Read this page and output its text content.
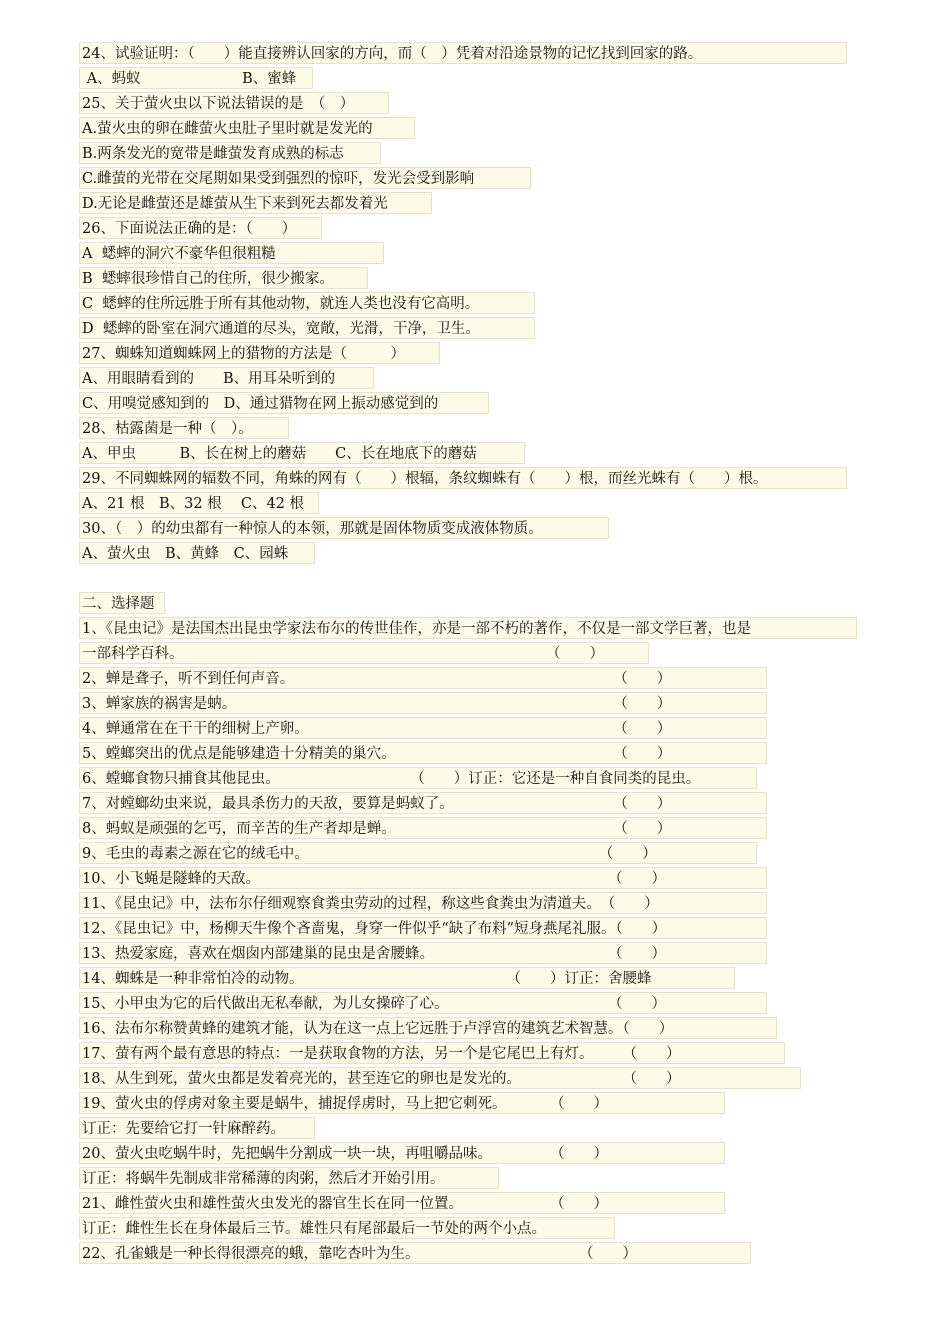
24、试验证明：（　　）能直接辨认回家的方向，而（　）凭着对沿途景物的记忆找到回家的路。
A、蚂蚁　　　　　　　B、蜜蜂
25、关于萤火虫以下说法错误的是　（　）
A.萤火虫的卵在雌萤火虫肚子里时就是发光的
B.两条发光的宽带是雌萤发育成熟的标志
C.雌萤的光带在交尾期如果受到强烈的惊吓，发光会受到影响
D.无论是雌萤还是雄萤从生下来到死去都发着光
26、下面说法正确的是：（　　）
A  蟋蟀的洞穴不豪华但很粗糙
B  蟋蟀很珍惜自己的住所，很少搬家。
C  蟋蟀的住所远胜于所有其他动物，就连人类也没有它高明。
D  蟋蟀的卧室在洞穴通道的尽头，宽敞，光滑，干净，卫生。
27、蜘蛛知道蜘蛛网上的猎物的方法是（　　　）
A、用眼睛看到的　　B、用耳朵听到的
C、用嗅觉感知到的　D、通过猎物在网上振动感觉到的
28、枯露菌是一种（　）。
A、甲虫　　　B、长在树上的蘑菇　　C、长在地底下的蘑菇
29、不同蜘蛛网的辐数不同，角蛛的网有（　　）根辐，条纹蜘蛛有（　　）根，而丝光蛛有（　　）根。
A、21 根　B、32 根　 C、42 根
30、（　）的幼虫都有一种惊人的本领，那就是固体物质变成液体物质。
A、萤火虫　B、黄蜂　C、园蛛
二、选择题
1、《昆虫记》是法国杰出昆虫学家法布尔的传世佳作，亦是一部不朽的著作，不仅是一部文学巨著，也是
一部科学百科。　　　　　　　　　　　　　　　　　　　　　　　　　　（　　）
2、蝉是聋子，听不到任何声音。　　　　　　　　　　　　　　　　　　　　　　　（　　）
3、蝉家族的祸害是蚋。　　　　　　　　　　　　　　　　　　　　　　　　　　　（　　）
4、蝉通常在在干干的细树上产卵。　　　　　　　　　　　　　　　　　　　　　　（　　）
5、螳螂突出的优点是能够建造十分精美的巢穴。　　　　　　　　　　　　　　　　（　　）
6、螳螂食物只捕食其他昆虫。　　　　　　　　　　（　　）订正：它还是一种自食同类的昆虫。
7、对螳螂幼虫来说，最具杀伤力的天敌，要算是蚂蚁了。　　　　　　　　　　　　（　　）
8、蚂蚁是顽强的乞丐，而辛苦的生产者却是蝉。　　　　　　　　　　　　　　　　（　　）
9、毛虫的毒素之源在它的绒毛中。　　　　　　　　　　　　　　　　　　　　　（　　）
10、小飞蝇是隧蜂的天敌。　　　　　　　　　　　　　　　　　　　　　　　　　（　　）
11、《昆虫记》中，法布尔仔细观察食粪虫劳动的过程，称这些食粪虫为清道夫。　（　　）
12、《昆虫记》中，杨柳天牛像个吝啬鬼，身穿一件似乎“缺了布料”短身燕尾礼服。（　　）
13、热爱家庭，喜欢在烟囱内部建巢的昆虫是舍腰蜂。　　　　　　　　　　　　　（　　）
14、蜘蛛是一种非常怕冷的动物。　　　　　　　　　　　　　　　（　　）订正：舍腰蜂
15、小甲虫为它的后代做出无私奉献，为儿女操碎了心。　　　　　　　　　　　　（　　）
16、法布尔称赞黄蜂的建筑才能，认为在这一点上它远胜于卢浮宫的建筑艺术智慧。（　　）
17、萤有两个最有意思的特点：一是获取食物的方法，另一个是它尾巴上有灯。　　　（　　）
18、从生到死，萤火虫都是发着亮光的，甚至连它的卵也是发光的。　　　　　　　　（　　）
19、萤火虫的俘虏对象主要是蜗牛，捕捉俘虏时，马上把它刺死。　　　　（　　）
订正：先要给它打一针麻醉药。
20、萤火虫吃蜗牛时，先把蜗牛分割成一块一块，再咀嚼品味。　　　　　（　　）
订正：将蜗牛先制成非常稀薄的肉粥，然后才开始引用。
21、雌性萤火虫和雄性萤火虫发光的器官生长在同一位置。　　　　　　　（　　）
订正：雌性生长在身体最后三节。雄性只有尾部最后一节处的两个小点。
22、孔雀蛾是一种长得很漂亮的蛾，靠吃杏叶为生。　　　　　　　　　　　　（　　）
